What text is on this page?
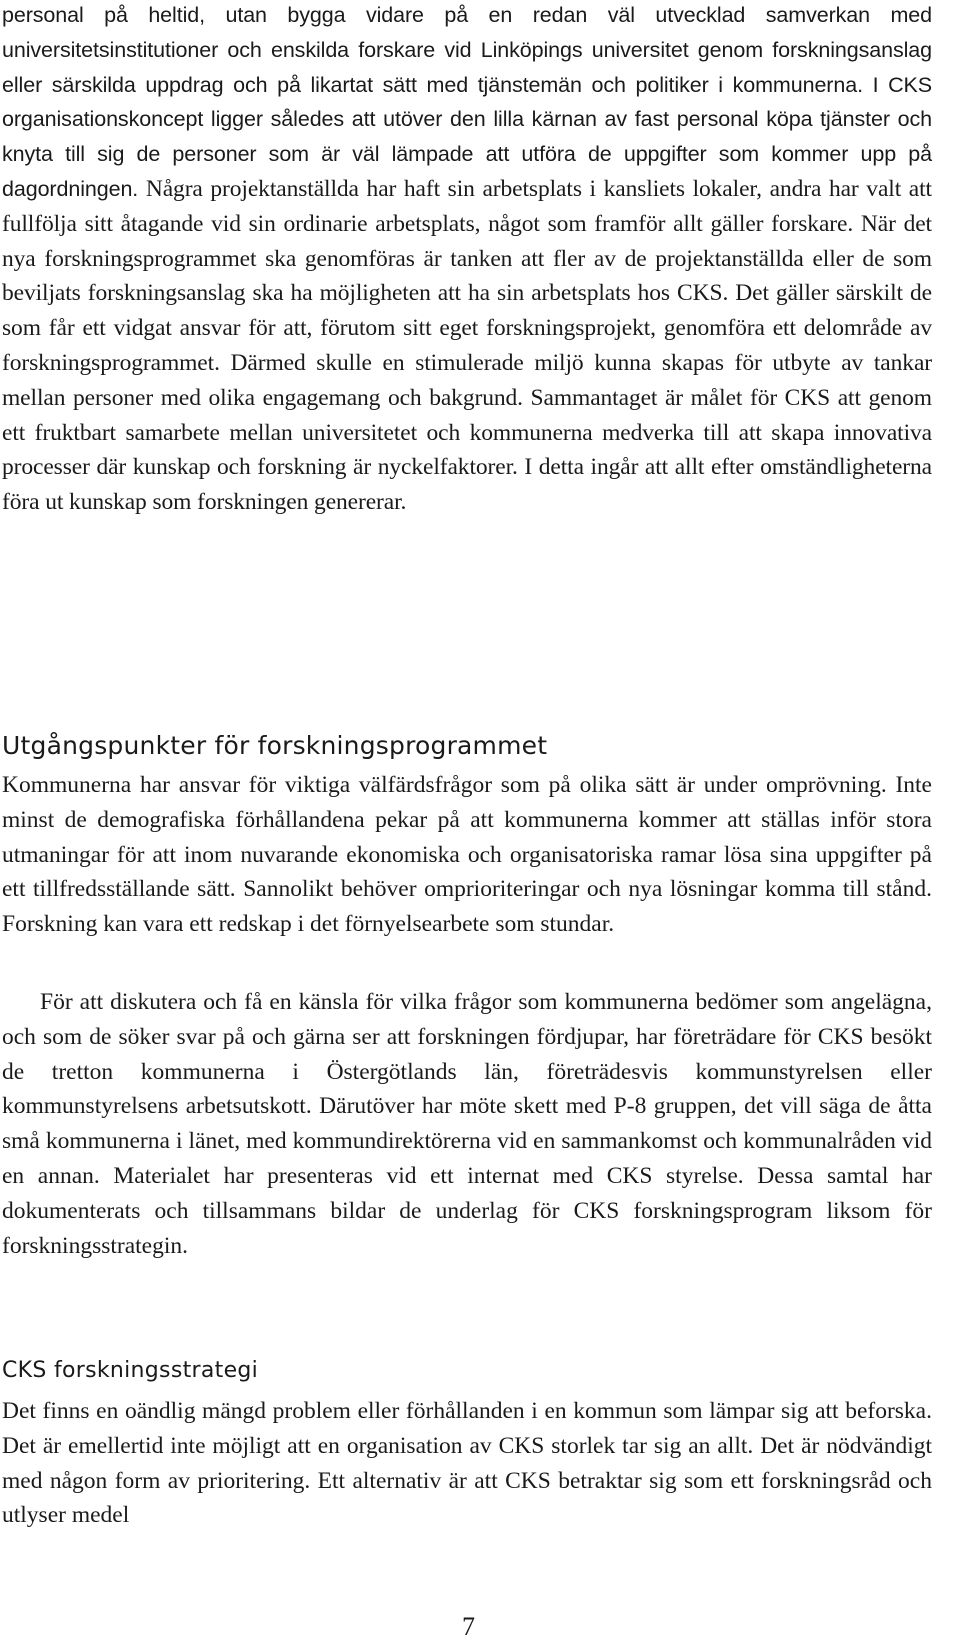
personal på heltid, utan bygga vidare på en redan väl utvecklad samverkan med universitetsinstitutioner och enskilda forskare vid Linköpings universitet genom forskningsanslag eller särskilda uppdrag och på likartat sätt med tjänstemän och politiker i kommunerna. I CKS organisationskoncept ligger således att utöver den lilla kärnan av fast personal köpa tjänster och knyta till sig de personer som är väl lämpade att utföra de uppgifter som kommer upp på dagordningen. Några projektanställda har haft sin arbetsplats i kansliets lokaler, andra har valt att fullfölja sitt åtagande vid sin ordinarie arbetsplats, något som framför allt gäller forskare. När det nya forskningsprogrammet ska genomföras är tanken att fler av de projektanställda eller de som beviljats forskningsanslag ska ha möjligheten att ha sin arbetsplats hos CKS. Det gäller särskilt de som får ett vidgat ansvar för att, förutom sitt eget forskningsprojekt, genomföra ett delområde av forskningsprogrammet. Därmed skulle en stimulerade miljö kunna skapas för utbyte av tankar mellan personer med olika engagemang och bakgrund. Sammantaget är målet för CKS att genom ett fruktbart samarbete mellan universitetet och kommunerna medverka till att skapa innovativa processer där kunskap och forskning är nyckelfaktorer. I detta ingår att allt efter omständligheterna föra ut kunskap som forskningen genererar.

Utgångspunkter för forskningsprogrammet

Kommunerna har ansvar för viktiga välfärdsfrågor som på olika sätt är under omprövning. Inte minst de demografiska förhållandena pekar på att kommunerna kommer att ställas inför stora utmaningar för att inom nuvarande ekonomiska och organisatoriska ramar lösa sina uppgifter på ett tillfredsställande sätt. Sannolikt behöver omprioriteringar och nya lösningar komma till stånd. Forskning kan vara ett redskap i det förnyelsearbete som stundar.

För att diskutera och få en känsla för vilka frågor som kommunerna bedömer som angelägna, och som de söker svar på och gärna ser att forskningen fördjupar, har företrädare för CKS besökt de tretton kommunerna i Östergötlands län, företrädesvis kommunstyrelsen eller kommunstyrelsens arbetsutskott. Därutöver har möte skett med P-8 gruppen, det vill säga de åtta små kommunerna i länet, med kommundirektörerna vid en sammankomst och kommunalråden vid en annan. Materialet har presenteras vid ett internat med CKS styrelse. Dessa samtal har dokumenterats och tillsammans bildar de underlag för CKS forskningsprogram liksom för forskningsstrategin.

CKS forskningsstrategi

Det finns en oändlig mängd problem eller förhållanden i en kommun som lämpar sig att beforska. Det är emellertid inte möjligt att en organisation av CKS storlek tar sig an allt. Det är nödvändigt med någon form av prioritering. Ett alternativ är att CKS betraktar sig som ett forskningsråd och utlyser medel

7
